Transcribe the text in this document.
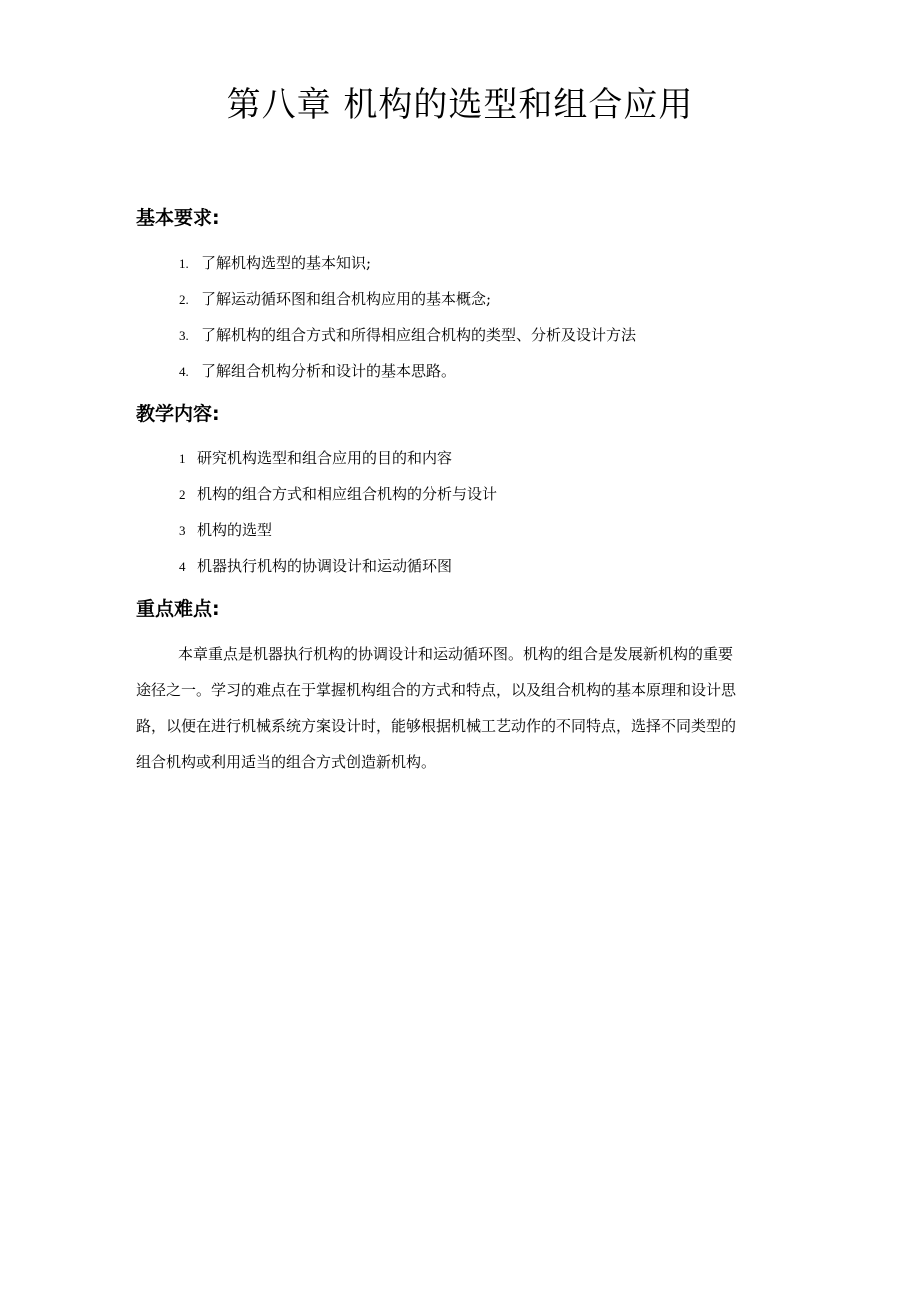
第八章 机构的选型和组合应用
基本要求:
1. 了解机构选型的基本知识;
2. 了解运动循环图和组合机构应用的基本概念;
3. 了解机构的组合方式和所得相应组合机构的类型、分析及设计方法
4. 了解组合机构分析和设计的基本思路。
教学内容:
1 研究机构选型和组合应用的目的和内容
2 机构的组合方式和相应组合机构的分析与设计
3 机构的选型
4 机器执行机构的协调设计和运动循环图
重点难点:
本章重点是机器执行机构的协调设计和运动循环图。机构的组合是发展新机构的重要
途径之一。学习的难点在于掌握机构组合的方式和特点，以及组合机构的基本原理和设计思
路，以便在进行机械系统方案设计时，能够根据机械工艺动作的不同特点，选择不同类型的
组合机构或利用适当的组合方式创造新机构。
